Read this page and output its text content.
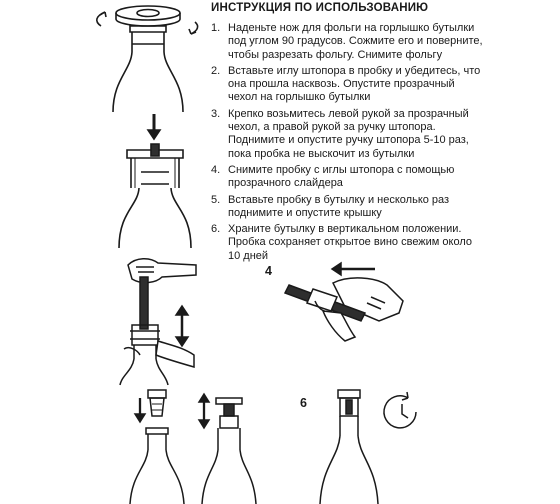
ИНСТРУКЦИЯ ПО ИСПОЛЬЗОВАНИЮ
1. Наденьте нож для фольги на горлышко бутылки
под углом 90 градусов. Сожмите его и поверните,
чтобы разрезать фольгу. Снимите фольгу
2. Вставьте иглу штопора в пробку и убедитесь, что
она прошла насквозь. Опустите прозрачный
чехол на горлышко бутылки
3. Крепко возьмитесь левой рукой за прозрачный
чехол, а правой рукой за ручку штопора.
Поднимите и опустите ручку штопора 5-10 раз,
пока пробка не выскочит из бутылки
4. Снимите пробку с иглы штопора с помощью
прозрачного слайдера
5. Вставьте пробку в бутылку и несколько раз
поднимите и опустите крышку
6. Храните бутылку в вертикальном положении.
Пробка сохраняет открытое вино свежим около
10 дней
4
6
